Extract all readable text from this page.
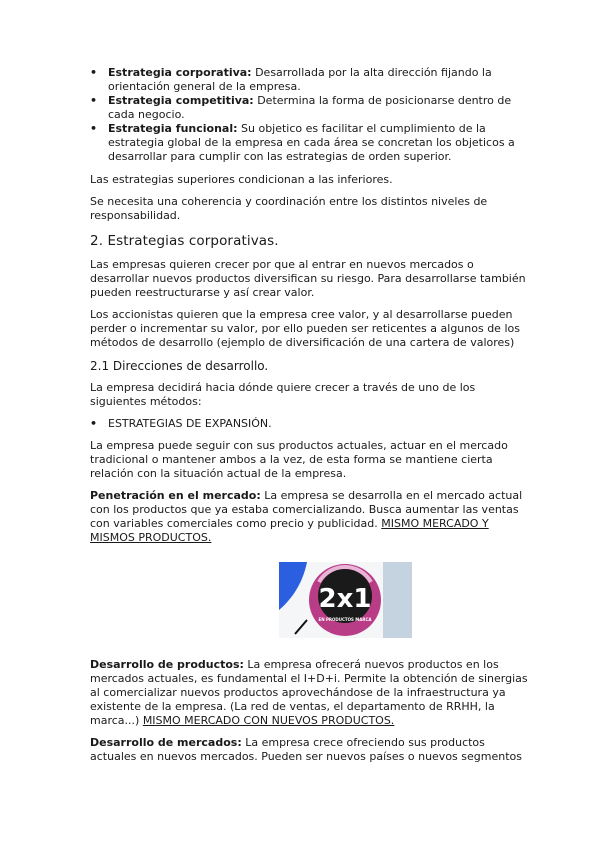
• Estrategia corporativa: Desarrollada por la alta dirección fijando la orientación general de la empresa.
• Estrategia competitiva: Determina la forma de posicionarse dentro de cada negocio.
• Estrategia funcional: Su objetico es facilitar el cumplimiento de la estrategia global de la empresa en cada área se concretan los objeticos a desarrollar para cumplir con las estrategias de orden superior.

Las estrategias superiores condicionan a las inferiores.

Se necesita una coherencia y coordinación entre los distintos niveles de responsabilidad.

2. Estrategias corporativas.

Las empresas quieren crecer por que al entrar en nuevos mercados o desarrollar nuevos productos diversifican su riesgo. Para desarrollarse también pueden reestructurarse y así crear valor.

Los accionistas quieren que la empresa cree valor, y al desarrollarse pueden perder o incrementar su valor, por ello pueden ser reticentes a algunos de los métodos de desarrollo (ejemplo de diversificación de una cartera de valores)

2.1 Direcciones de desarrollo.

La empresa decidirá hacia dónde quiere crecer a través de uno de los siguientes métodos:

• ESTRATEGIAS DE EXPANSIÓN.

La empresa puede seguir con sus productos actuales, actuar en el mercado tradicional o mantener ambos a la vez, de esta forma se mantiene cierta relación con la situación actual de la empresa.

Penetración en el mercado: La empresa se desarrolla en el mercado actual con los productos que ya estaba comercializando. Busca aumentar las ventas con variables comerciales como precio y publicidad. MISMO MERCADO Y MISMOS PRODUCTOS.

Desarrollo de productos: La empresa ofrecerá nuevos productos en los mercados actuales, es fundamental el I+D+i. Permite la obtención de sinergias al comercializar nuevos productos aprovechándose de la infraestructura ya existente de la empresa. (La red de ventas, el departamento de RRHH, la marca...) MISMO MERCADO CON NUEVOS PRODUCTOS.

Desarrollo de mercados: La empresa crece ofreciendo sus productos actuales en nuevos mercados. Pueden ser nuevos países o nuevos segmentos

2x1
EN PRODUCTOS MARCA
